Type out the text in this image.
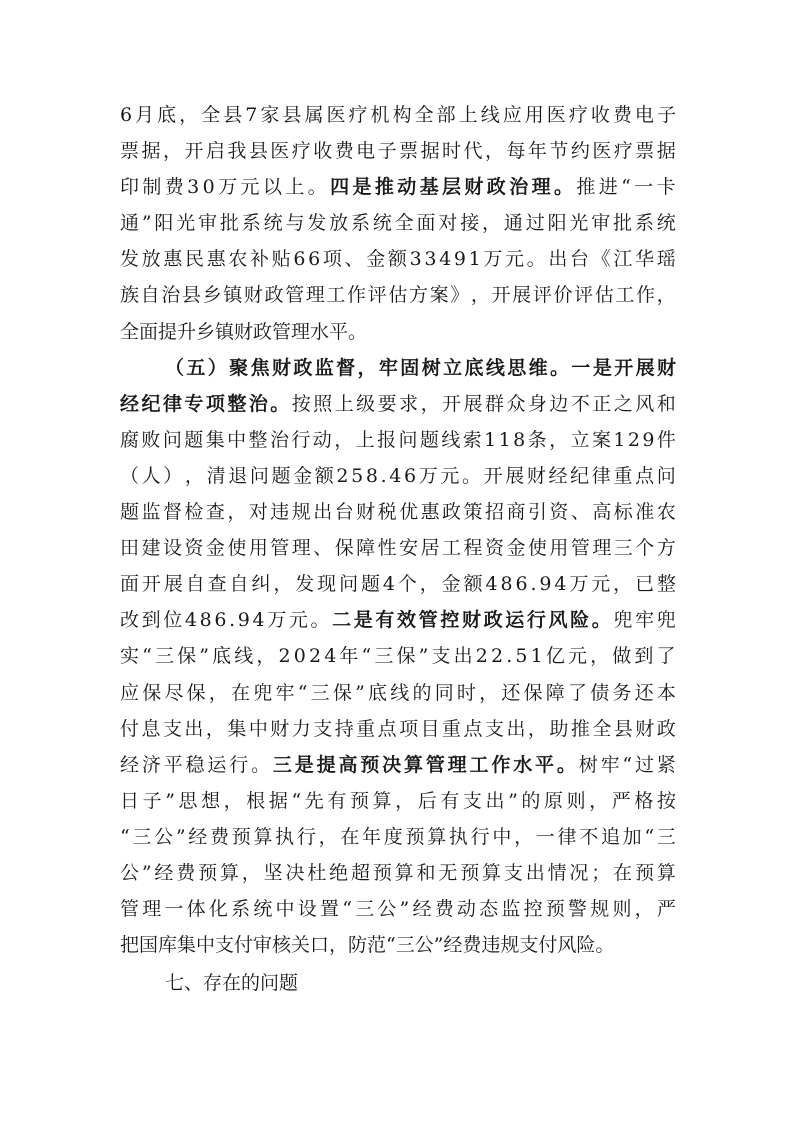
6 月 底 ， 全 县 7 家 县 属 医 疗 机 构 全 部 上 线 应 用 医 疗 收 费 电 子
票 据 ， 开 启 我 县 医 疗 收 费 电 子 票 据 时 代 ， 每 年 节 约 医 疗 票 据
印 制 费 3 0 万 元 以 上 。 四 是 推 动 基 层 财 政 治 理 。 推 进 “ 一 卡
通 ” 阳 光 审 批 系 统 与 发 放 系 统 全 面 对 接 ， 通 过 阳 光 审 批 系 统
发 放 惠 民 惠 农 补 贴 6 6 项 、 金 额 3 3 4 9 1 万 元 。 出 台 《 江 华 瑶
族 自 治 县 乡 镇 财 政 管 理 工 作 评 估 方 案 》 ， 开 展 评 价 评 估 工 作 ，
全面提升乡镇财政管理水平。
（ 五 ） 聚 焦 财 政 监 督 ， 牢 固 树 立 底 线 思 维 。 一 是 开 展 财
经 纪 律 专 项 整 治 。 按 照 上 级 要 求 ， 开 展 群 众 身 边 不 正 之 风 和
腐 败 问 题 集 中 整 治 行 动 ， 上 报 问 题 线 索 1 1 8 条 ， 立 案 1 2 9 件
（ 人 ） ， 清 退 问 题 金 额 2 5 8 . 4 6 万 元 。 开 展 财 经 纪 律 重 点 问
题 监 督 检 查 ， 对 违 规 出 台 财 税 优 惠 政 策 招 商 引 资 、 高 标 准 农
田 建 设 资 金 使 用 管 理 、 保 障 性 安 居 工 程 资 金 使 用 管 理 三 个 方
面 开 展 自 查 自 纠 ， 发 现 问 题 4 个 ， 金 额 4 8 6 . 9 4 万 元 ， 已 整
改 到 位 4 8 6 . 9 4 万 元 。 二 是 有 效 管 控 财 政 运 行 风 险 。 兜 牢 兜
实 “ 三 保 ” 底 线 ， 2 0 2 4 年 “ 三 保 ” 支 出 2 2 . 5 1 亿 元 ， 做 到 了
应 保 尽 保 ， 在 兜 牢 “ 三 保 ” 底 线 的 同 时 ， 还 保 障 了 债 务 还 本
付 息 支 出 ， 集 中 财 力 支 持 重 点 项 目 重 点 支 出 ， 助 推 全 县 财 政
经 济 平 稳 运 行 。 三 是 提 高 预 决 算 管 理 工 作 水 平 。 树 牢 “ 过 紧
日 子 ” 思 想 ， 根 据 “ 先 有 预 算 ， 后 有 支 出 ” 的 原 则 ， 严 格 按
“ 三 公 ” 经 费 预 算 执 行 ， 在 年 度 预 算 执 行 中 ， 一 律 不 追 加 “ 三
公 ” 经 费 预 算 ， 坚 决 杜 绝 超 预 算 和 无 预 算 支 出 情 况 ； 在 预 算
管 理 一 体 化 系 统 中 设 置 “ 三 公 ” 经 费 动 态 监 控 预 警 规 则 ， 严
把国库集中支付审核关口，防范“三公”经费违规支付风险。
七、存在的问题
